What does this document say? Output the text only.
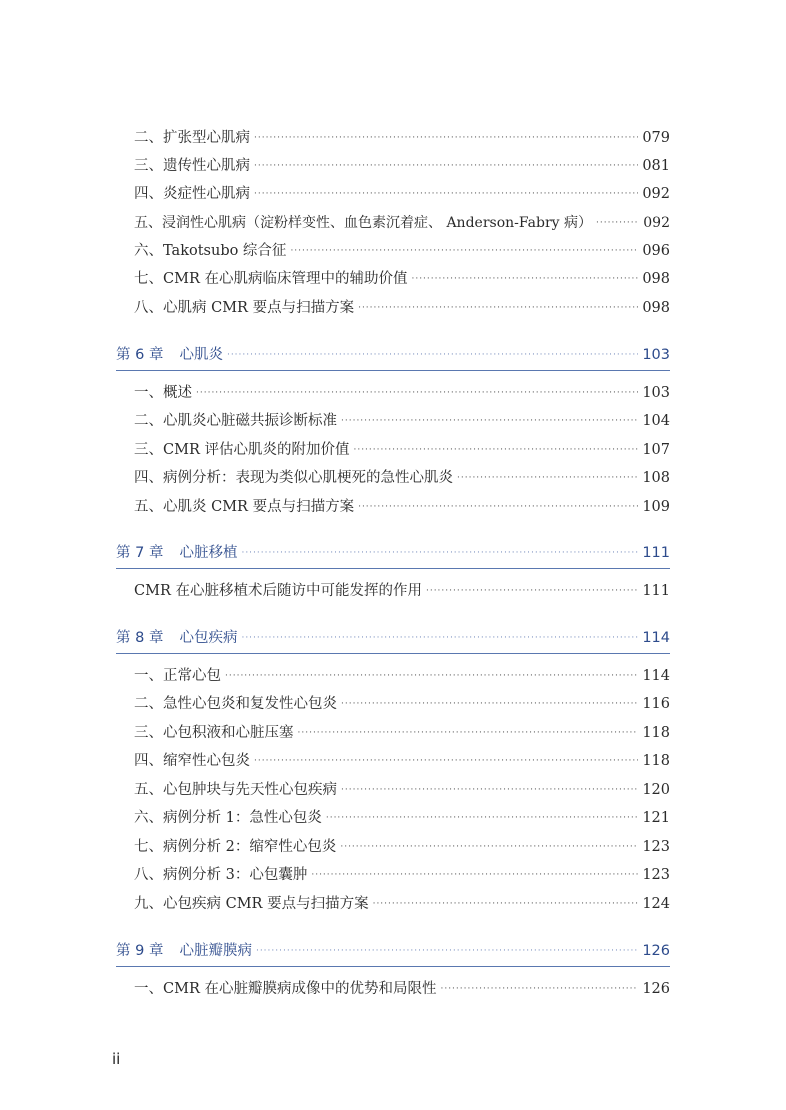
二、扩张型心肌病 ·····	079
三、遗传性心肌病 ·····	081
四、炎症性心肌病 ·····	092
五、浸润性心肌病（淀粉样变性、血色素沉着症、 Anderson-Fabry 病） ·····	092
六、Takotsubo 综合征 ·····	096
七、CMR 在心肌病临床管理中的辅助价值 ·····	098
八、心肌病 CMR 要点与扫描方案 ·····	098
第 6 章 心肌炎 ·····	103
一、概述 ·····	103
二、心肌炎心脏磁共振诊断标准 ·····	104
三、CMR 评估心肌炎的附加价值 ·····	107
四、病例分析：表现为类似心肌梗死的急性心肌炎 ·····	108
五、心肌炎 CMR 要点与扫描方案 ·····	109
第 7 章 心脏移植 ·····	111
CMR 在心脏移植术后随访中可能发挥的作用 ·····	111
第 8 章 心包疾病 ·····	114
一、正常心包 ·····	114
二、急性心包炎和复发性心包炎 ·····	116
三、心包积液和心脏压塞 ·····	118
四、缩窄性心包炎 ·····	118
五、心包肿块与先天性心包疾病 ·····	120
六、病例分析 1：急性心包炎 ·····	121
七、病例分析 2：缩窄性心包炎 ·····	123
八、病例分析 3：心包囊肿 ·····	123
九、心包疾病 CMR 要点与扫描方案 ·····	124
第 9 章 心脏瓣膜病 ·····	126
一、CMR 在心脏瓣膜病成像中的优势和局限性 ·····	126
ii
